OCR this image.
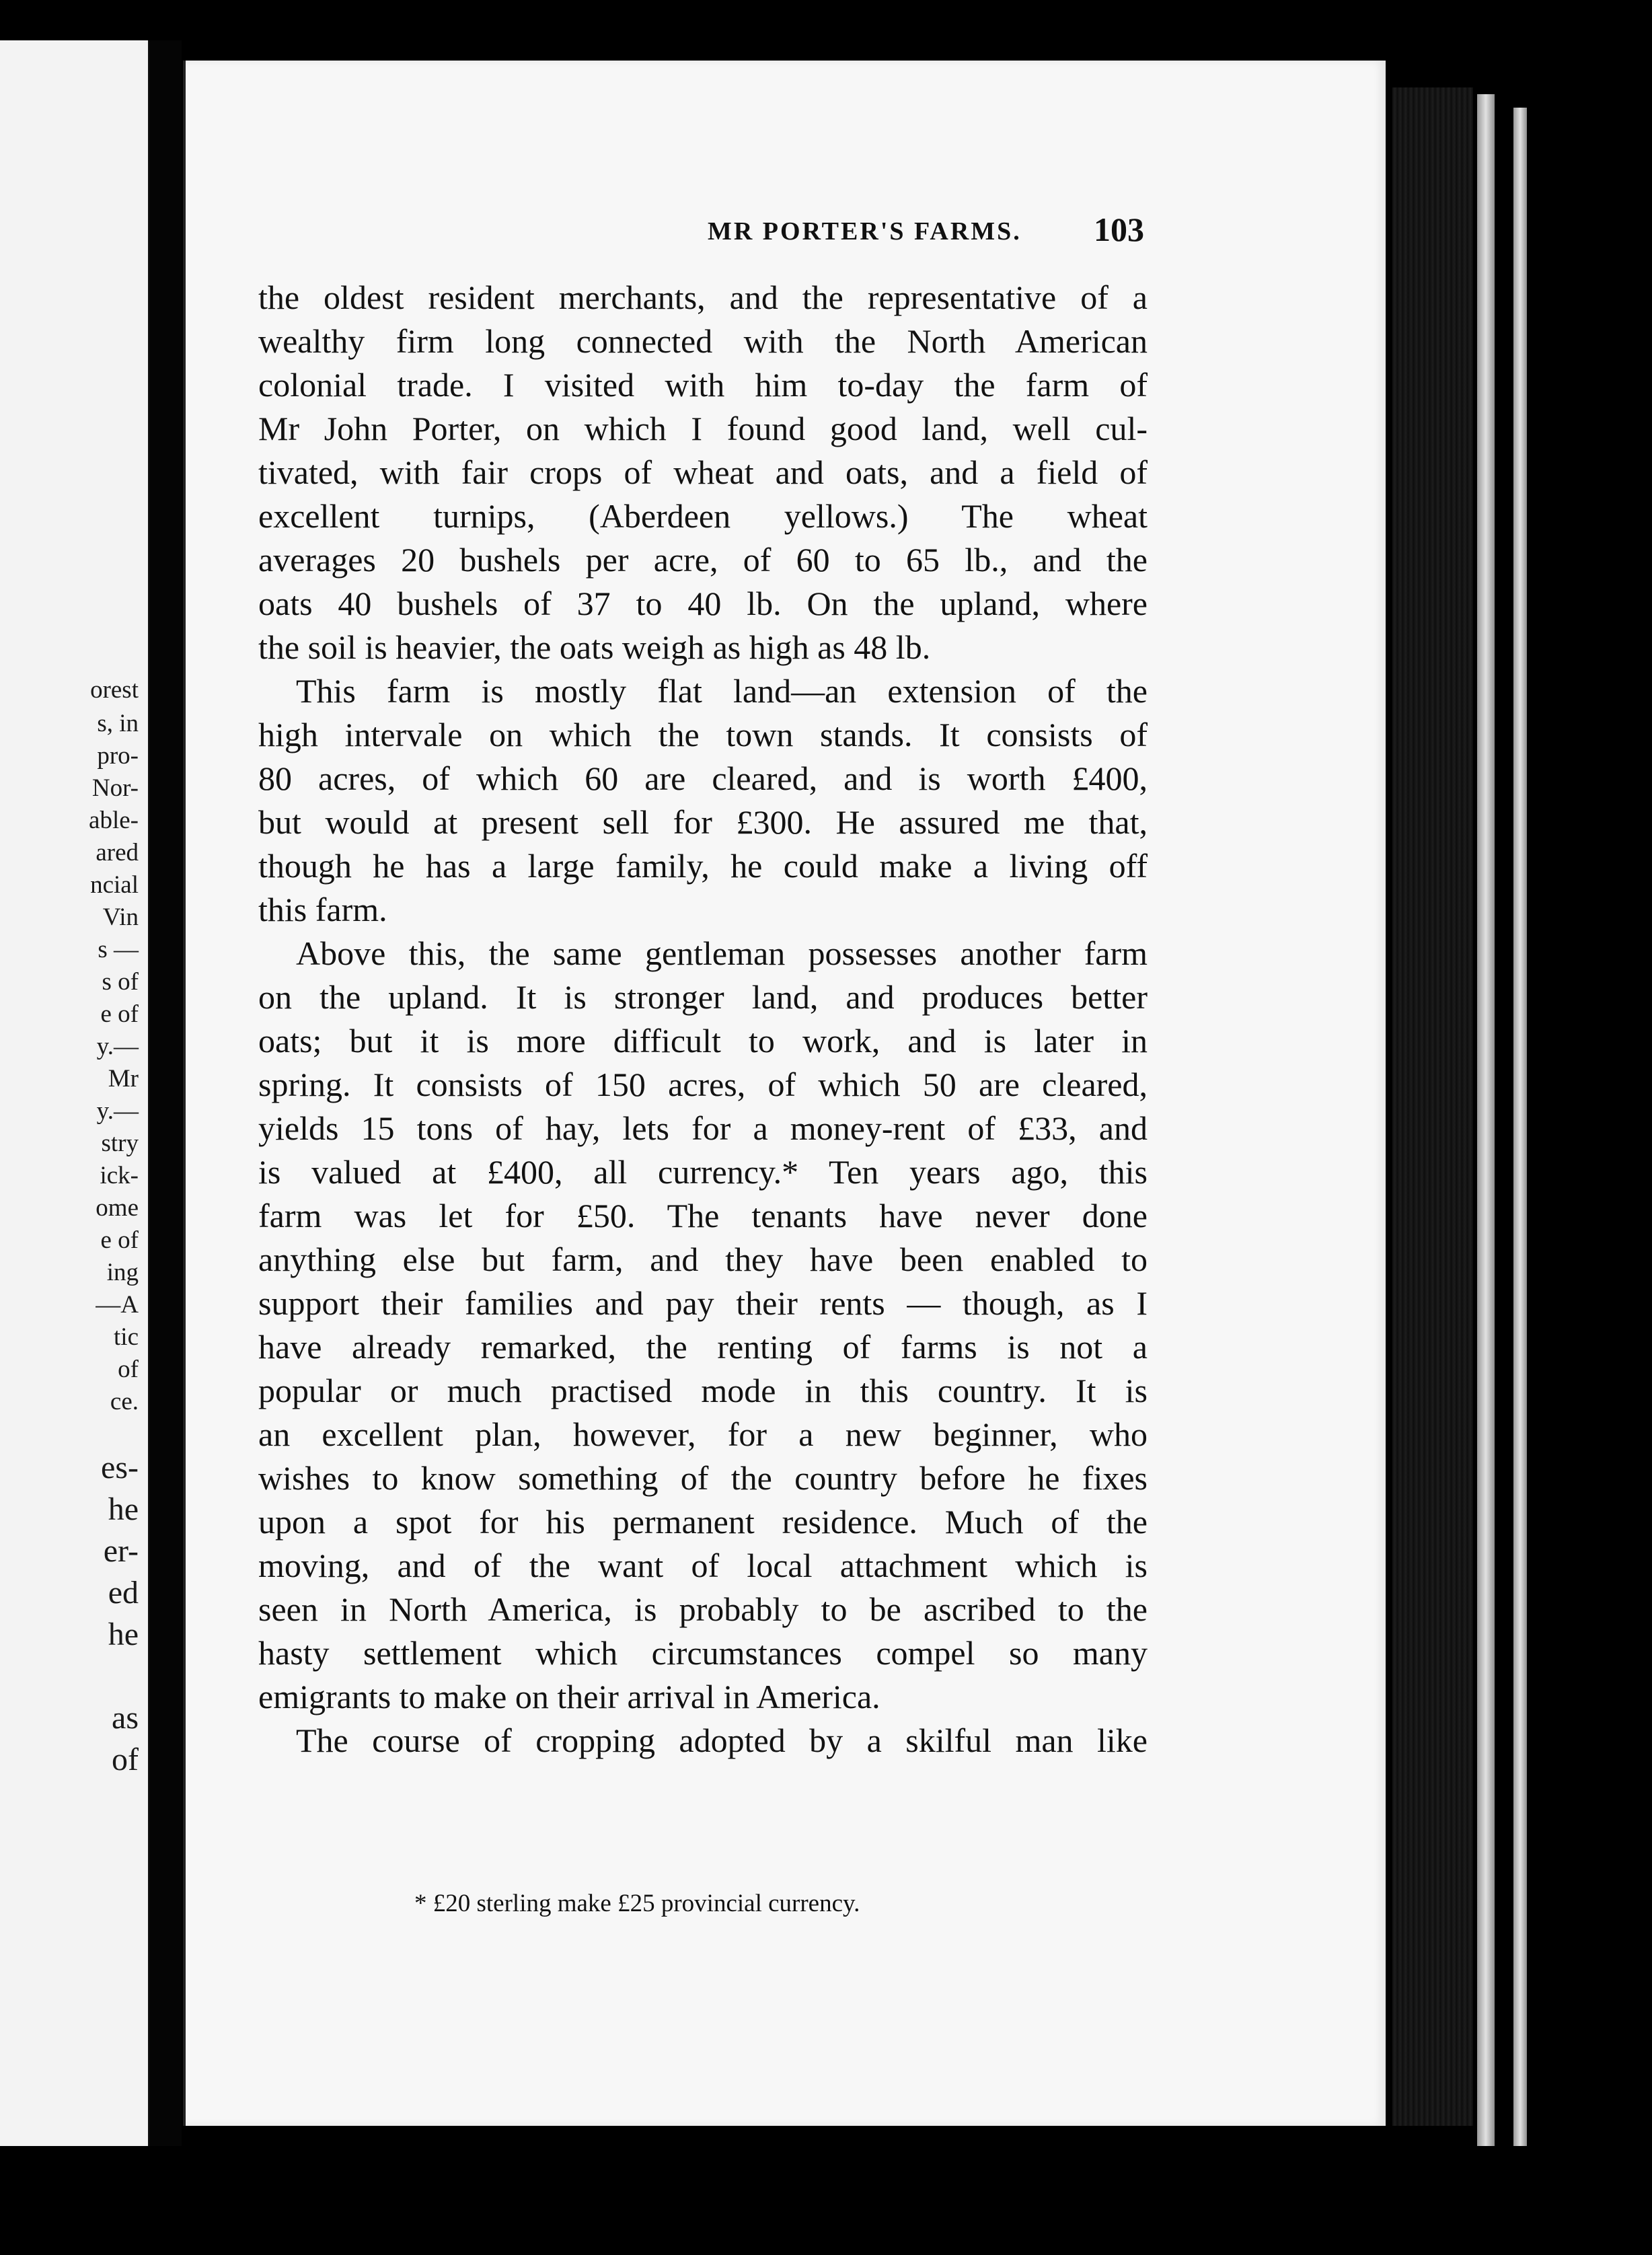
orest
s, in
pro-
Nor-
able-
ared
ncial
Vin
s —
s of
e of
y.—
Mr
y.—
stry
ick-
ome
e of
ing
—A
tic
of
ce.
es-
he
er-
ed
he
as
of
MR PORTER'S FARMS. 103
the oldest resident merchants, and the representative of a
wealthy firm long connected with the North American
colonial trade. I visited with him to-day the farm of
Mr John Porter, on which I found good land, well cul-
tivated, with fair crops of wheat and oats, and a field of
excellent turnips, (Aberdeen yellows.) The wheat
averages 20 bushels per acre, of 60 to 65 lb., and the
oats 40 bushels of 37 to 40 lb. On the upland, where
the soil is heavier, the oats weigh as high as 48 lb.
This farm is mostly flat land—an extension of the
high intervale on which the town stands. It consists of
80 acres, of which 60 are cleared, and is worth £400,
but would at present sell for £300. He assured me that,
though he has a large family, he could make a living off
this farm.
Above this, the same gentleman possesses another farm
on the upland. It is stronger land, and produces better
oats; but it is more difficult to work, and is later in
spring. It consists of 150 acres, of which 50 are cleared,
yields 15 tons of hay, lets for a money-rent of £33, and
is valued at £400, all currency.* Ten years ago, this
farm was let for £50. The tenants have never done
anything else but farm, and they have been enabled to
support their families and pay their rents — though, as I
have already remarked, the renting of farms is not a
popular or much practised mode in this country. It is
an excellent plan, however, for a new beginner, who
wishes to know something of the country before he fixes
upon a spot for his permanent residence. Much of the
moving, and of the want of local attachment which is
seen in North America, is probably to be ascribed to the
hasty settlement which circumstances compel so many
emigrants to make on their arrival in America.
The course of cropping adopted by a skilful man like
* £20 sterling make £25 provincial currency.
